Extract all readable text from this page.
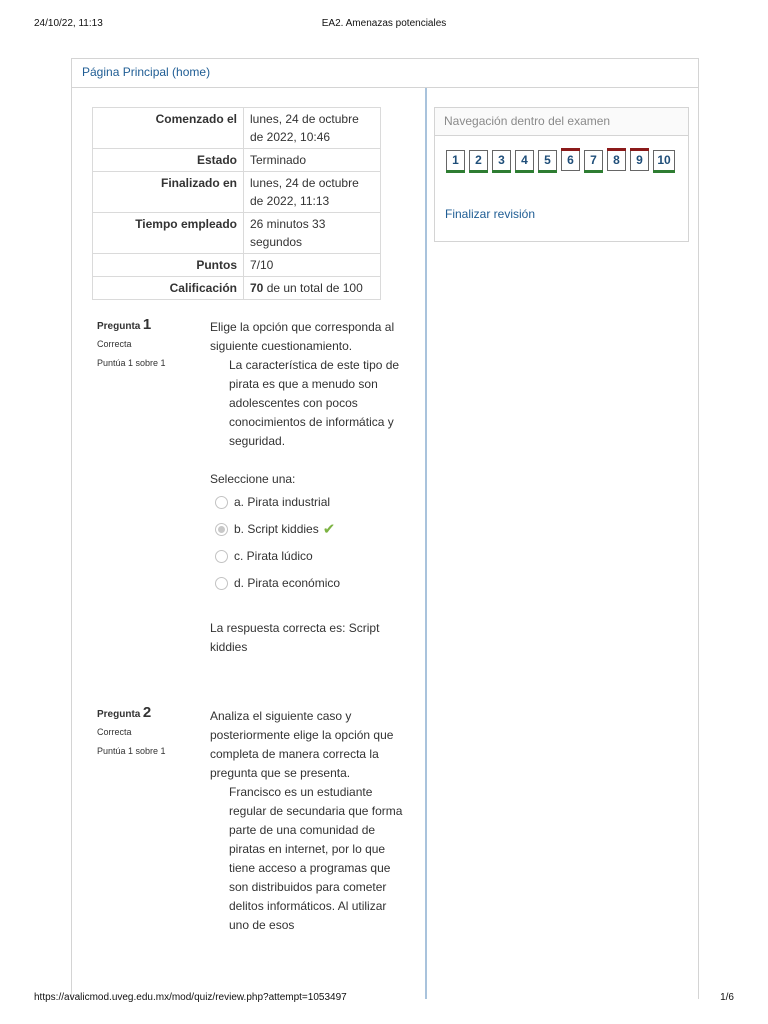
24/10/22, 11:13	EA2. Amenazas potenciales
Página Principal (home)
Comenzado el	lunes, 24 de octubre de 2022, 10:46
Estado	Terminado
Finalizado en	lunes, 24 de octubre de 2022, 11:13
Tiempo empleado	26 minutos 33 segundos
Puntos	7/10
Calificación	70 de un total de 100
Navegación dentro del examen
1 2 3 4 5 6 7 8 9 10
Finalizar revisión
Pregunta 1
Correcta
Puntúa 1 sobre 1
Elige la opción que corresponda al siguiente cuestionamiento.
La característica de este tipo de pirata es que a menudo son adolescentes con pocos conocimientos de informática y seguridad.
Seleccione una:
a. Pirata industrial
b. Script kiddies ✔
c. Pirata lúdico
d. Pirata económico
La respuesta correcta es: Script kiddies
Pregunta 2
Correcta
Puntúa 1 sobre 1
Analiza el siguiente caso y posteriormente elige la opción que completa de manera correcta la pregunta que se presenta.
Francisco es un estudiante regular de secundaria que forma parte de una comunidad de piratas en internet, por lo que tiene acceso a programas que son distribuidos para cometer delitos informáticos. Al utilizar uno de esos
https://avalicmod.uveg.edu.mx/mod/quiz/review.php?attempt=1053497	1/6
